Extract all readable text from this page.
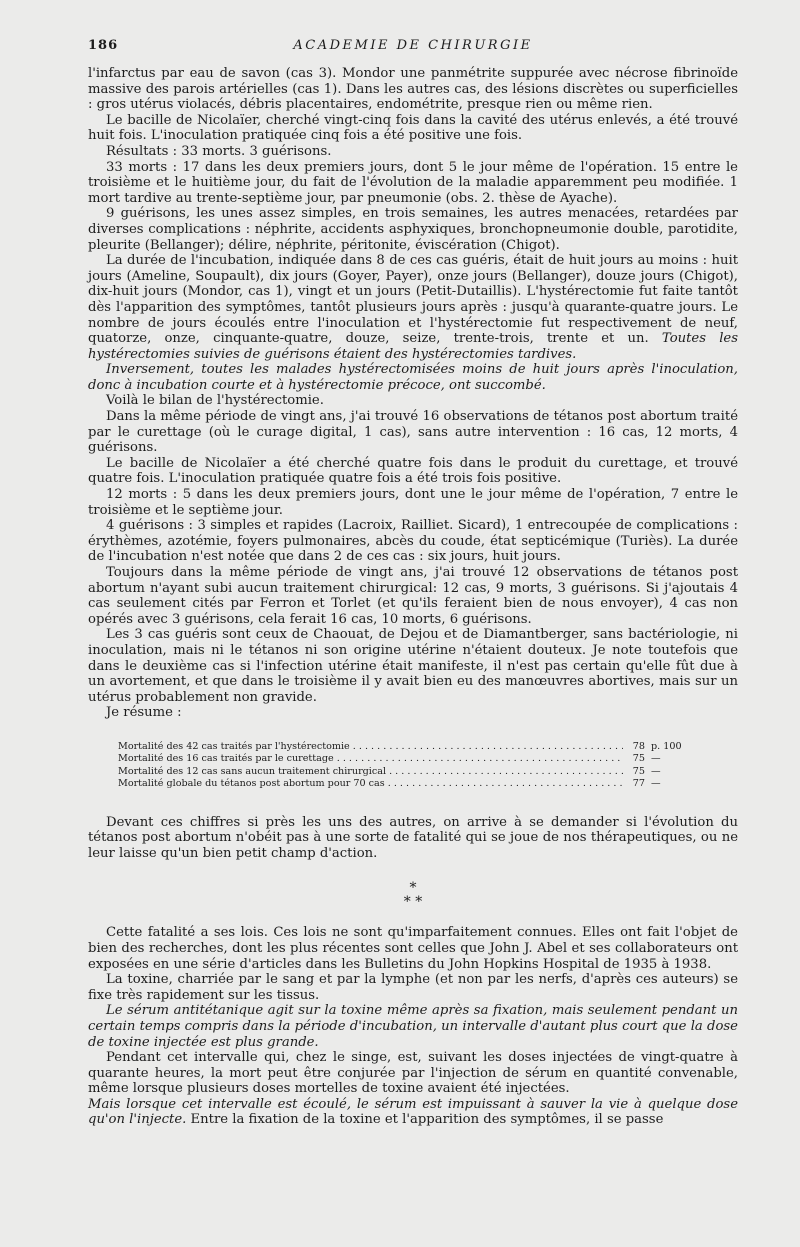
186	ACADEMIE DE CHIRURGIE

l'infarctus par eau de savon (cas 3). Mondor une panmétrite suppurée avec nécrose fibrinoïde massive des parois artérielles (cas 1). Dans les autres cas, des lésions discrètes ou superficielles : gros utérus violacés, débris placentaires, endométrite, presque rien ou même rien.

Le bacille de Nicolaïer, cherché vingt-cinq fois dans la cavité des utérus enlevés, a été trouvé huit fois. L'inoculation pratiquée cinq fois a été positive une fois.

Résultats : 33 morts. 3 guérisons.

33 morts : 17 dans les deux premiers jours, dont 5 le jour même de l'opération. 15 entre le troisième et le huitième jour, du fait de l'évolution de la maladie apparemment peu modifiée. 1 mort tardive au trente-septième jour, par pneumonie (obs. 2. thèse de Ayache).

9 guérisons, les unes assez simples, en trois semaines, les autres menacées, retardées par diverses complications : néphrite, accidents asphyxiques, bronchopneumonie double, parotidite, pleurite (Bellanger); délire, néphrite, péritonite, éviscération (Chigot).

La durée de l'incubation, indiquée dans 8 de ces cas guéris, était de huit jours au moins : huit jours (Ameline, Soupault), dix jours (Goyer, Payer), onze jours (Bellanger), douze jours (Chigot), dix-huit jours (Mondor, cas 1), vingt et un jours (Petit-Dutaillis). L'hystérectomie fut faite tantôt dès l'apparition des symptômes, tantôt plusieurs jours après : jusqu'à quarante-quatre jours. Le nombre de jours écoulés entre l'inoculation et l'hystérectomie fut respectivement de neuf, quatorze, onze, cinquante-quatre, douze, seize, trente-trois, trente et un. Toutes les hystérectomies suivies de guérisons étaient des hystérectomies tardives.

Inversement, toutes les malades hystérectomisées moins de huit jours après l'inoculation, donc à incubation courte et à hystérectomie précoce, ont succombé.

Voilà le bilan de l'hystérectomie.

Dans la même période de vingt ans, j'ai trouvé 16 observations de tétanos post abortum traité par le curettage (où le curage digital, 1 cas), sans autre intervention : 16 cas, 12 morts, 4 guérisons.

Le bacille de Nicolaïer a été cherché quatre fois dans le produit du curettage, et trouvé quatre fois. L'inoculation pratiquée quatre fois a été trois fois positive.

12 morts : 5 dans les deux premiers jours, dont une le jour même de l'opération, 7 entre le troisième et le septième jour.

4 guérisons : 3 simples et rapides (Lacroix, Railliet. Sicard), 1 entrecoupée de complications : érythèmes, azotémie, foyers pulmonaires, abcès du coude, état septicémique (Turiès). La durée de l'incubation n'est notée que dans 2 de ces cas : six jours, huit jours.

Toujours dans la même période de vingt ans, j'ai trouvé 12 observations de tétanos post abortum n'ayant subi aucun traitement chirurgical: 12 cas, 9 morts, 3 guérisons. Si j'ajoutais 4 cas seulement cités par Ferron et Torlet (et qu'ils feraient bien de nous envoyer), 4 cas non opérés avec 3 guérisons, cela ferait 16 cas, 10 morts, 6 guérisons.

Les 3 cas guéris sont ceux de Chaouat, de Dejou et de Diamantberger, sans bactériologie, ni inoculation, mais ni le tétanos ni son origine utérine n'étaient douteux. Je note toutefois que dans le deuxième cas si l'infection utérine était manifeste, il n'est pas certain qu'elle fût due à un avortement, et que dans le troisième il y avait bien eu des manœuvres abortives, mais sur un utérus probablement non gravide.

Je résume :

Mortalité des 42 cas traités par l'hystérectomie . . .	78 p. 100
Mortalité des 16 cas traités par le curettage . . .	75 —
Mortalité des 12 cas sans aucun traitement chirurgical . . .	75 —
Mortalité globale du tétanos post abortum pour 70 cas . . .	77 —

Devant ces chiffres si près les uns des autres, on arrive à se demander si l'évolution du tétanos post abortum n'obéit pas à une sorte de fatalité qui se joue de nos thérapeutiques, ou ne leur laisse qu'un bien petit champ d'action.

*
* *

Cette fatalité a ses lois. Ces lois ne sont qu'imparfaitement connues. Elles ont fait l'objet de bien des recherches, dont les plus récentes sont celles que John J. Abel et ses collaborateurs ont exposées en une série d'articles dans les Bulletins du John Hopkins Hospital de 1935 à 1938.

La toxine, charriée par le sang et par la lymphe (et non par les nerfs, d'après ces auteurs) se fixe très rapidement sur les tissus.

Le sérum antitétanique agit sur la toxine même après sa fixation, mais seulement pendant un certain temps compris dans la période d'incubation, un intervalle d'autant plus court que la dose de toxine injectée est plus grande.

Pendant cet intervalle qui, chez le singe, est, suivant les doses injectées de vingt-quatre à quarante heures, la mort peut être conjurée par l'injection de sérum en quantité convenable, même lorsque plusieurs doses mortelles de toxine avaient été injectées.

Mais lorsque cet intervalle est écoulé, le sérum est impuissant à sauver la vie à quelque dose qu'on l'injecte. Entre la fixation de la toxine et l'apparition des symptômes, il se passe
